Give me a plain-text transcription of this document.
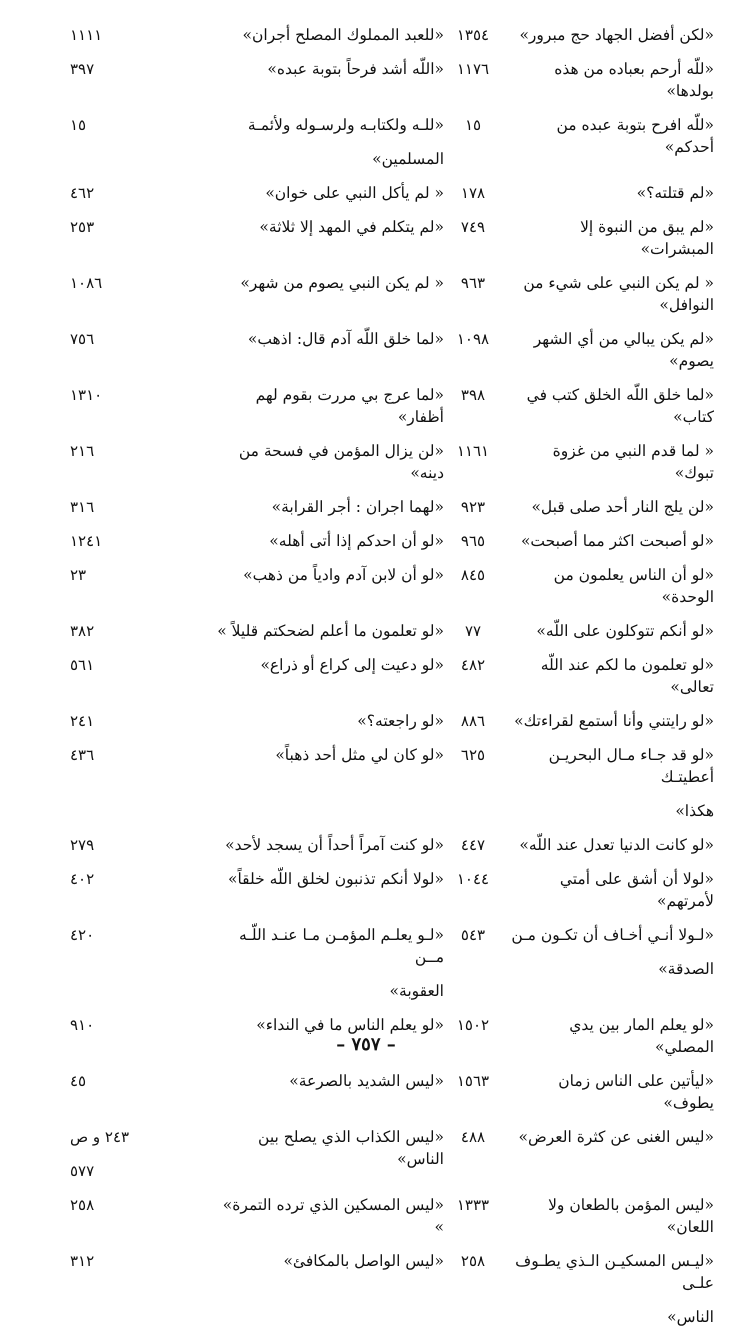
«لكن أفضل الجهاد حج مبرور»
١٣٥٤
«للعبد المملوك المصلح أجران»
١١١١
«للّه أرحم بعباده من هذه بولدها»
١١٧٦
«اللّه أشد فرحاً بتوبة عبده»
٣٩٧
«للّه افرح بتوبة عبده من أحدكم»
١٥
«للـه ولكتابـه ولرسـوله ولأئمـة
المسلمين»
١٥
«لم قتلته؟»
١٧٨
« لم يأكل النبي على خوان»
٤٦٢
«لم يبق من النبوة إلا المبشرات»
٧٤٩
«لم يتكلم في المهد إلا ثلاثة»
٢٥٣
« لم يكن النبي على شيء من النوافل»
٩٦٣
« لم يكن النبي يصوم من شهر»
١٠٨٦
«لم يكن يبالي من أي الشهر يصوم»
١٠٩٨
«لما خلق اللّه آدم قال: اذهب»
٧٥٦
«لما خلق اللّه الخلق كتب في كتاب»
٣٩٨
«لما عرج بي مررت بقوم لهم أظفار»
١٣١٠
« لما قدم النبي من غزوة تبوك»
١١٦١
«لن يزال المؤمن في فسحة من دينه»
٢١٦
«لن يلج النار أحد صلى قبل»
٩٢٣
«لهما اجران : أجر القرابة»
٣١٦
«لو أصبحت اكثر مما أصبحت»
٩٦٥
«لو أن احدكم إذا أتى أهله»
١٢٤١
«لو أن الناس يعلمون من الوحدة»
٨٤٥
«لو أن لابن آدم وادياً من ذهب»
٢٣
«لو أنكم تتوكلون على اللّه»
٧٧
«لو تعلمون ما أعلم لضحكتم قليلاً »
٣٨٢
«لو تعلمون ما لكم عند اللّه تعالى»
٤٨٢
«لو دعيت إلى كراع أو ذراع»
٥٦١
«لو رايتني وأنا أستمع لقراءتك»
٨٨٦
«لو راجعته؟»
٢٤١
«لو قد جـاء مـال البحريـن أعطيتـك
هكذا»
٦٢٥
«لو كان لي مثل أحد ذهباً»
٤٣٦
«لو كانت الدنيا تعدل عند اللّه»
٤٤٧
«لو كنت آمراً أحداً أن يسجد لأحد»
٢٧٩
«لولا أن أشق على أمتي لأمرتهم»
١٠٤٤
«لولا أنكم تذنبون لخلق اللّه خلقاً»
٤٠٢
«لـولا أنـي أخـاف أن تكـون مـن
الصدقة»
٥٤٣
«لـو يعلـم المؤمـن مـا عنـد اللّـه مــن
العقوبة»
٤٢٠
«لو يعلم المار بين يدي المصلي»
١٥٠٢
«لو يعلم الناس ما في النداء»
٩١٠
«ليأتين على الناس زمان يطوف»
١٥٦٣
«ليس الشديد بالصرعة»
٤٥
«ليس الغنى عن كثرة العرض»
٤٨٨
«ليس الكذاب الذي يصلح بين الناس»
٢٤٣ و ص
٥٧٧
«ليس المؤمن بالطعان ولا اللعان»
١٣٣٣
«ليس المسكين الذي ترده التمرة» »
٢٥٨
«ليـس المسكيـن الـذي يطـوف علـى
الناس»
٢٥٨
«ليس الواصل بالمكافئ»
٣١٢
– ٧٥٧ –
